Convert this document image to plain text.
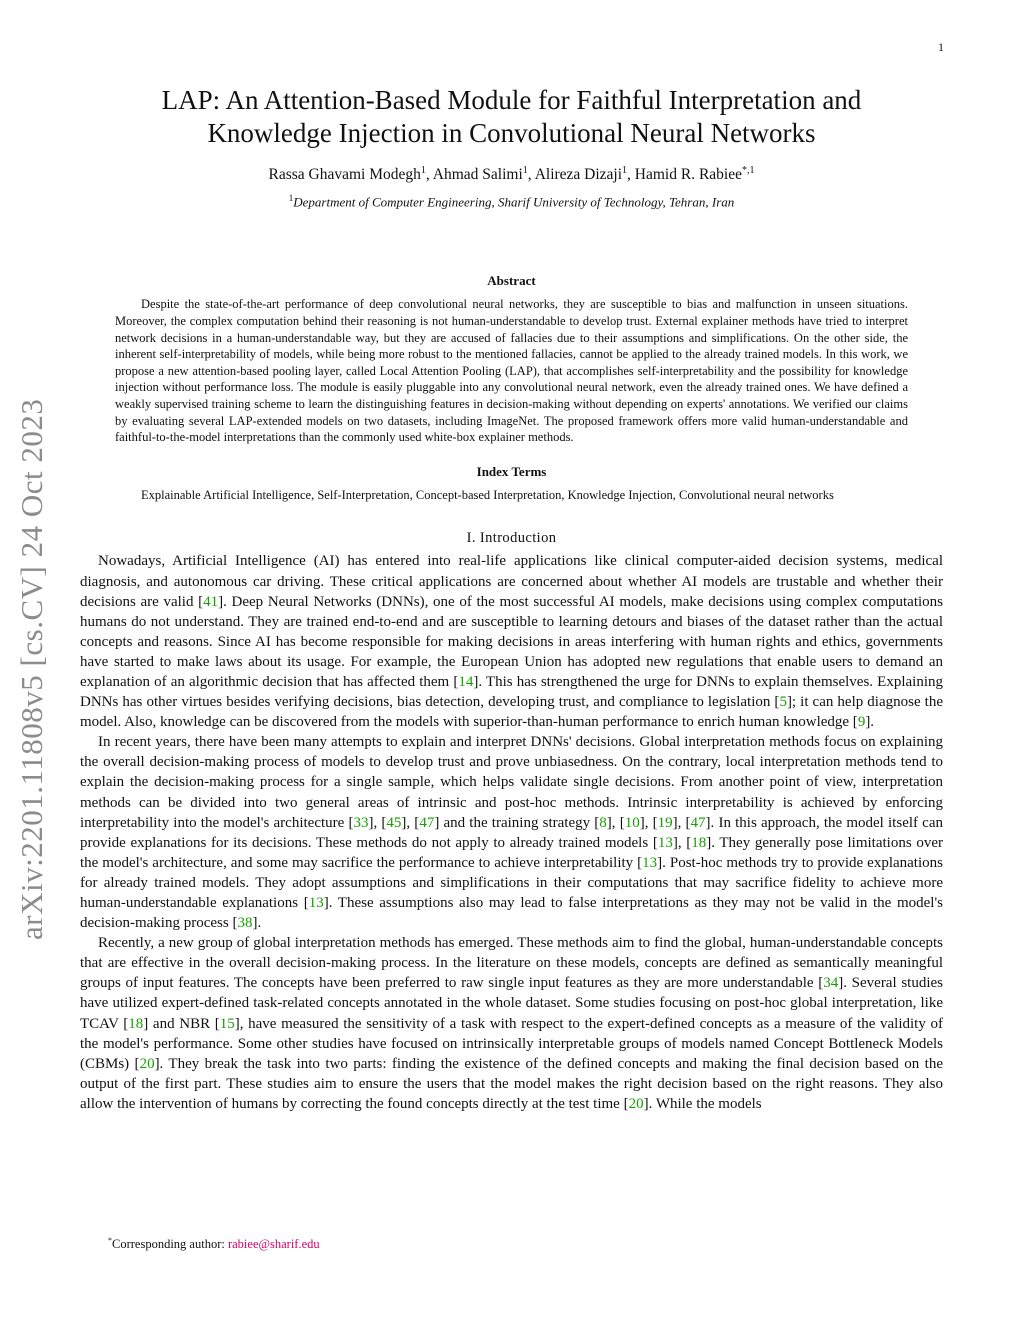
1
arXiv:2201.11808v5 [cs.CV] 24 Oct 2023
LAP: An Attention-Based Module for Faithful Interpretation and
Knowledge Injection in Convolutional Neural Networks
Rassa Ghavami Modegh$^1$, Ahmad Salimi$^1$, Alireza Dizaji$^1$, Hamid R. Rabiee$^{*,1}$
$^1$Department of Computer Engineering, Sharif University of Technology, Tehran, Iran
Abstract

Despite the state-of-the-art performance of deep convolutional neural networks, they are susceptible to bias and malfunction in unseen situations. Moreover, the complex computation behind their reasoning is not human-understandable to develop trust. External explainer methods have tried to interpret network decisions in a human-understandable way, but they are accused of fallacies due to their assumptions and simplifications. On the other side, the inherent self-interpretability of models, while being more robust to the mentioned fallacies, cannot be applied to the already trained models. In this work, we propose a new attention-based pooling layer, called Local Attention Pooling (LAP), that accomplishes self-interpretability and the possibility for knowledge injection without performance loss. The module is easily pluggable into any convolutional neural network, even the already trained ones. We have defined a weakly supervised training scheme to learn the distinguishing features in decision-making without depending on experts' annotations. We verified our claims by evaluating several LAP-extended models on two datasets, including ImageNet. The proposed framework offers more valid human-understandable and faithful-to-the-model interpretations than the commonly used white-box explainer methods.

Index Terms

Explainable Artificial Intelligence, Self-Interpretation, Concept-based Interpretation, Knowledge Injection, Convolutional neural networks

I. Introduction

Nowadays, Artificial Intelligence (AI) has entered into real-life applications like clinical computer-aided decision systems, medical diagnosis, and autonomous car driving. These critical applications are concerned about whether AI models are trustable and whether their decisions are valid [41]. Deep Neural Networks (DNNs), one of the most successful AI models, make decisions using complex computations humans do not understand. They are trained end-to-end and are susceptible to learning detours and biases of the dataset rather than the actual concepts and reasons. Since AI has become responsible for making decisions in areas interfering with human rights and ethics, governments have started to make laws about its usage. For example, the European Union has adopted new regulations that enable users to demand an explanation of an algorithmic decision that has affected them [14]. This has strengthened the urge for DNNs to explain themselves. Explaining DNNs has other virtues besides verifying decisions, bias detection, developing trust, and compliance to legislation [5]; it can help diagnose the model. Also, knowledge can be discovered from the models with superior-than-human performance to enrich human knowledge [9].

In recent years, there have been many attempts to explain and interpret DNNs' decisions. Global interpretation methods focus on explaining the overall decision-making process of models to develop trust and prove unbiasedness. On the contrary, local interpretation methods tend to explain the decision-making process for a single sample, which helps validate single decisions. From another point of view, interpretation methods can be divided into two general areas of intrinsic and post-hoc methods. Intrinsic interpretability is achieved by enforcing interpretability into the model's architecture [33], [45], [47] and the training strategy [8], [10], [19], [47]. In this approach, the model itself can provide explanations for its decisions. These methods do not apply to already trained models [13], [18]. They generally pose limitations over the model's architecture, and some may sacrifice the performance to achieve interpretability [13]. Post-hoc methods try to provide explanations for already trained models. They adopt assumptions and simplifications in their computations that may sacrifice fidelity to achieve more human-understandable explanations [13]. These assumptions also may lead to false interpretations as they may not be valid in the model's decision-making process [38].

Recently, a new group of global interpretation methods has emerged. These methods aim to find the global, human-understandable concepts that are effective in the overall decision-making process. In the literature on these models, concepts are defined as semantically meaningful groups of input features. The concepts have been preferred to raw single input features as they are more understandable [34]. Several studies have utilized expert-defined task-related concepts annotated in the whole dataset. Some studies focusing on post-hoc global interpretation, like TCAV [18] and NBR [15], have measured the sensitivity of a task with respect to the expert-defined concepts as a measure of the validity of the model's performance. Some other studies have focused on intrinsically interpretable groups of models named Concept Bottleneck Models (CBMs) [20]. They break the task into two parts: finding the existence of the defined concepts and making the final decision based on the output of the first part. These studies aim to ensure the users that the model makes the right decision based on the right reasons. They also allow the intervention of humans by correcting the found concepts directly at the test time [20]. While the models

*Corresponding author: rabiee@sharif.edu
